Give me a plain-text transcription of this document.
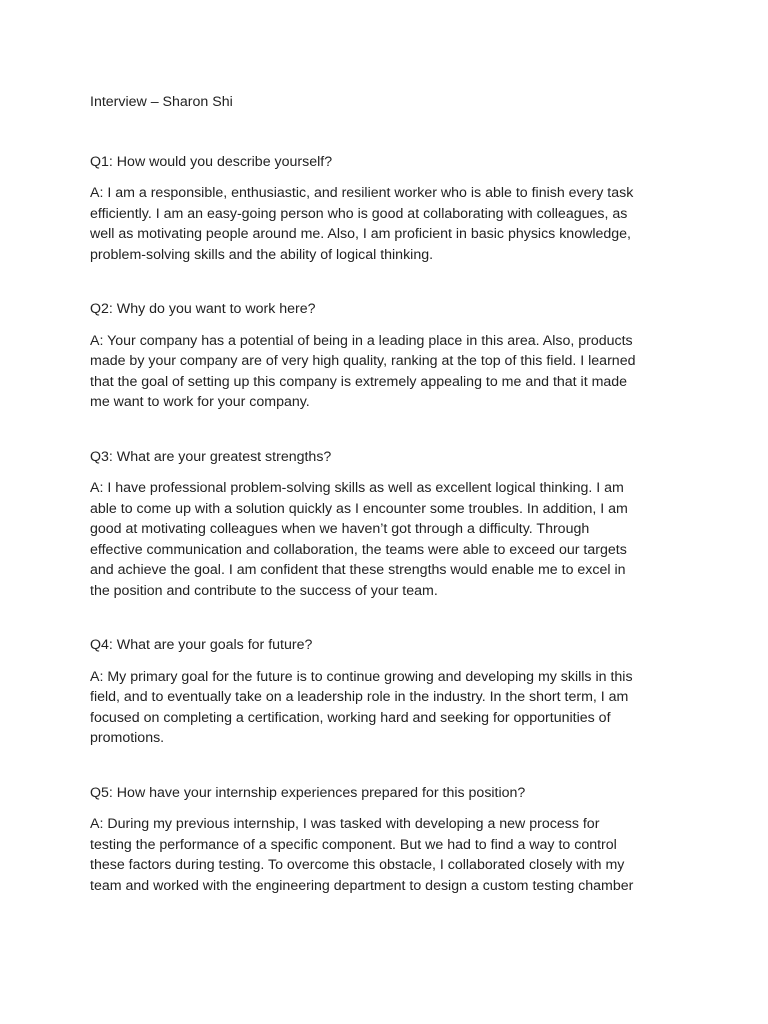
Interview – Sharon Shi
Q1: How would you describe yourself?
A: I am a responsible, enthusiastic, and resilient worker who is able to finish every task
efficiently. I am an easy-going person who is good at collaborating with colleagues, as
well as motivating people around me. Also, I am proficient in basic physics knowledge,
problem-solving skills and the ability of logical thinking.
Q2: Why do you want to work here?
A: Your company has a potential of being in a leading place in this area. Also, products
made by your company are of very high quality, ranking at the top of this field. I learned
that the goal of setting up this company is extremely appealing to me and that it made
me want to work for your company.
Q3: What are your greatest strengths?
A: I have professional problem-solving skills as well as excellent logical thinking. I am
able to come up with a solution quickly as I encounter some troubles. In addition, I am
good at motivating colleagues when we haven’t got through a difficulty. Through
effective communication and collaboration, the teams were able to exceed our targets
and achieve the goal. I am confident that these strengths would enable me to excel in
the position and contribute to the success of your team.
Q4: What are your goals for future?
A: My primary goal for the future is to continue growing and developing my skills in this
field, and to eventually take on a leadership role in the industry. In the short term, I am
focused on completing a certification, working hard and seeking for opportunities of
promotions.
Q5: How have your internship experiences prepared for this position?
A: During my previous internship, I was tasked with developing a new process for
testing the performance of a specific component. But we had to find a way to control
these factors during testing. To overcome this obstacle, I collaborated closely with my
team and worked with the engineering department to design a custom testing chamber
